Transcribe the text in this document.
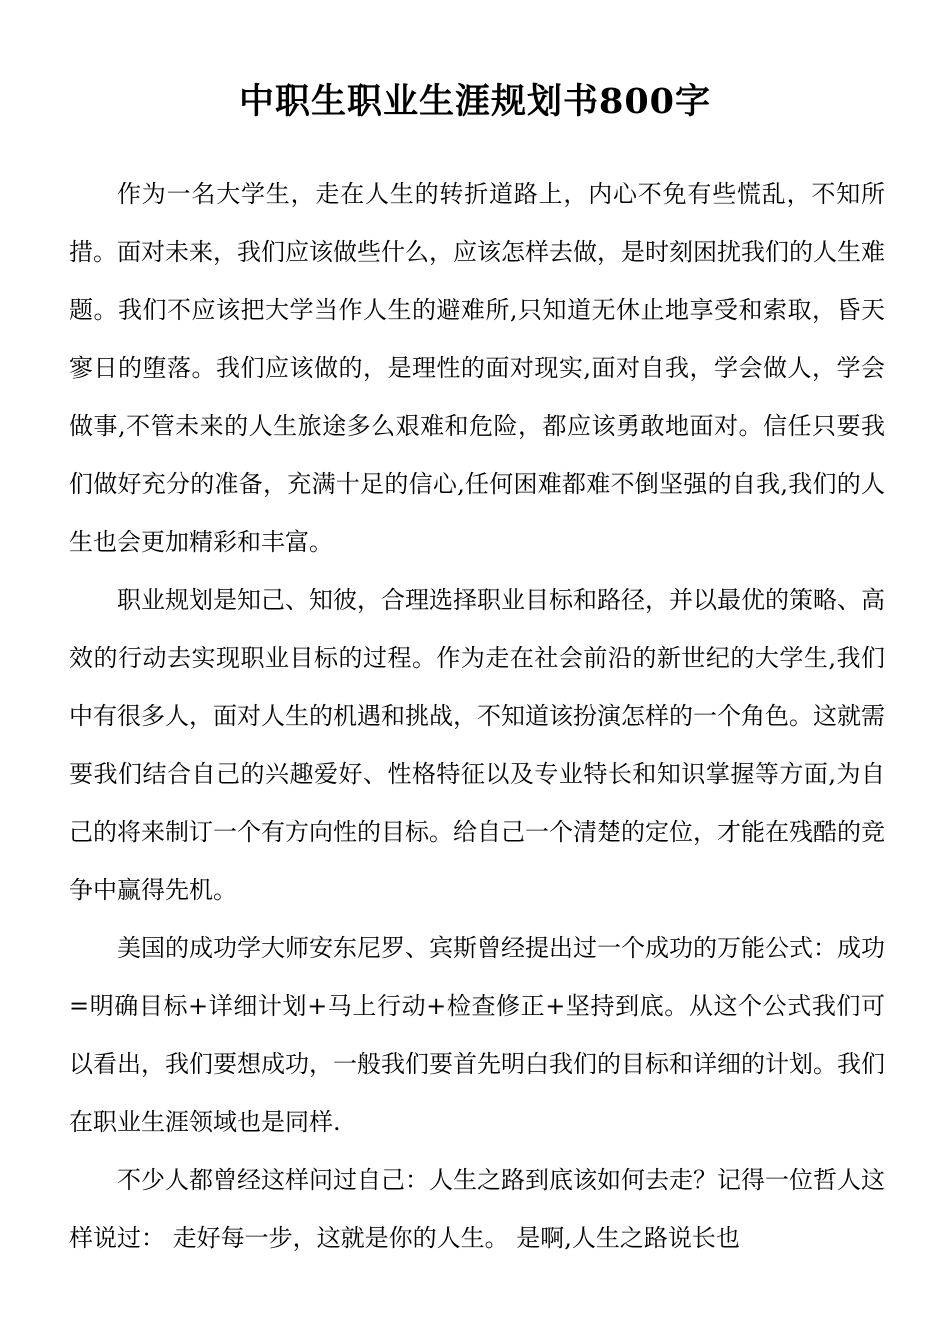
中职生职业生涯规划书800字

作为一名大学生，走在人生的转折道路上，内心不免有些慌乱，不知所措。面对未来，我们应该做些什么，应该怎样去做，是时刻困扰我们的人生难题。我们不应该把大学当作人生的避难所,只知道无休止地享受和索取，昏天寥日的堕落。我们应该做的，是理性的面对现实,面对自我，学会做人，学会做事,不管未来的人生旅途多么艰难和危险，都应该勇敢地面对。信任只要我们做好充分的准备，充满十足的信心,任何困难都难不倒坚强的自我,我们的人生也会更加精彩和丰富。

职业规划是知己、知彼，合理选择职业目标和路径，并以最优的策略、高效的行动去实现职业目标的过程。作为走在社会前沿的新世纪的大学生,我们中有很多人，面对人生的机遇和挑战，不知道该扮演怎样的一个角色。这就需要我们结合自己的兴趣爱好、性格特征以及专业特长和知识掌握等方面,为自己的将来制订一个有方向性的目标。给自己一个清楚的定位，才能在残酷的竞争中赢得先机。

美国的成功学大师安东尼罗、宾斯曾经提出过一个成功的万能公式：成功=明确目标+详细计划+马上行动+检查修正+坚持到底。从这个公式我们可以看出，我们要想成功，一般我们要首先明白我们的目标和详细的计划。我们在职业生涯领域也是同样.

不少人都曾经这样问过自己：人生之路到底该如何去走？记得一位哲人这样说过： 走好每一步，这就是你的人生。 是啊,人生之路说长也
